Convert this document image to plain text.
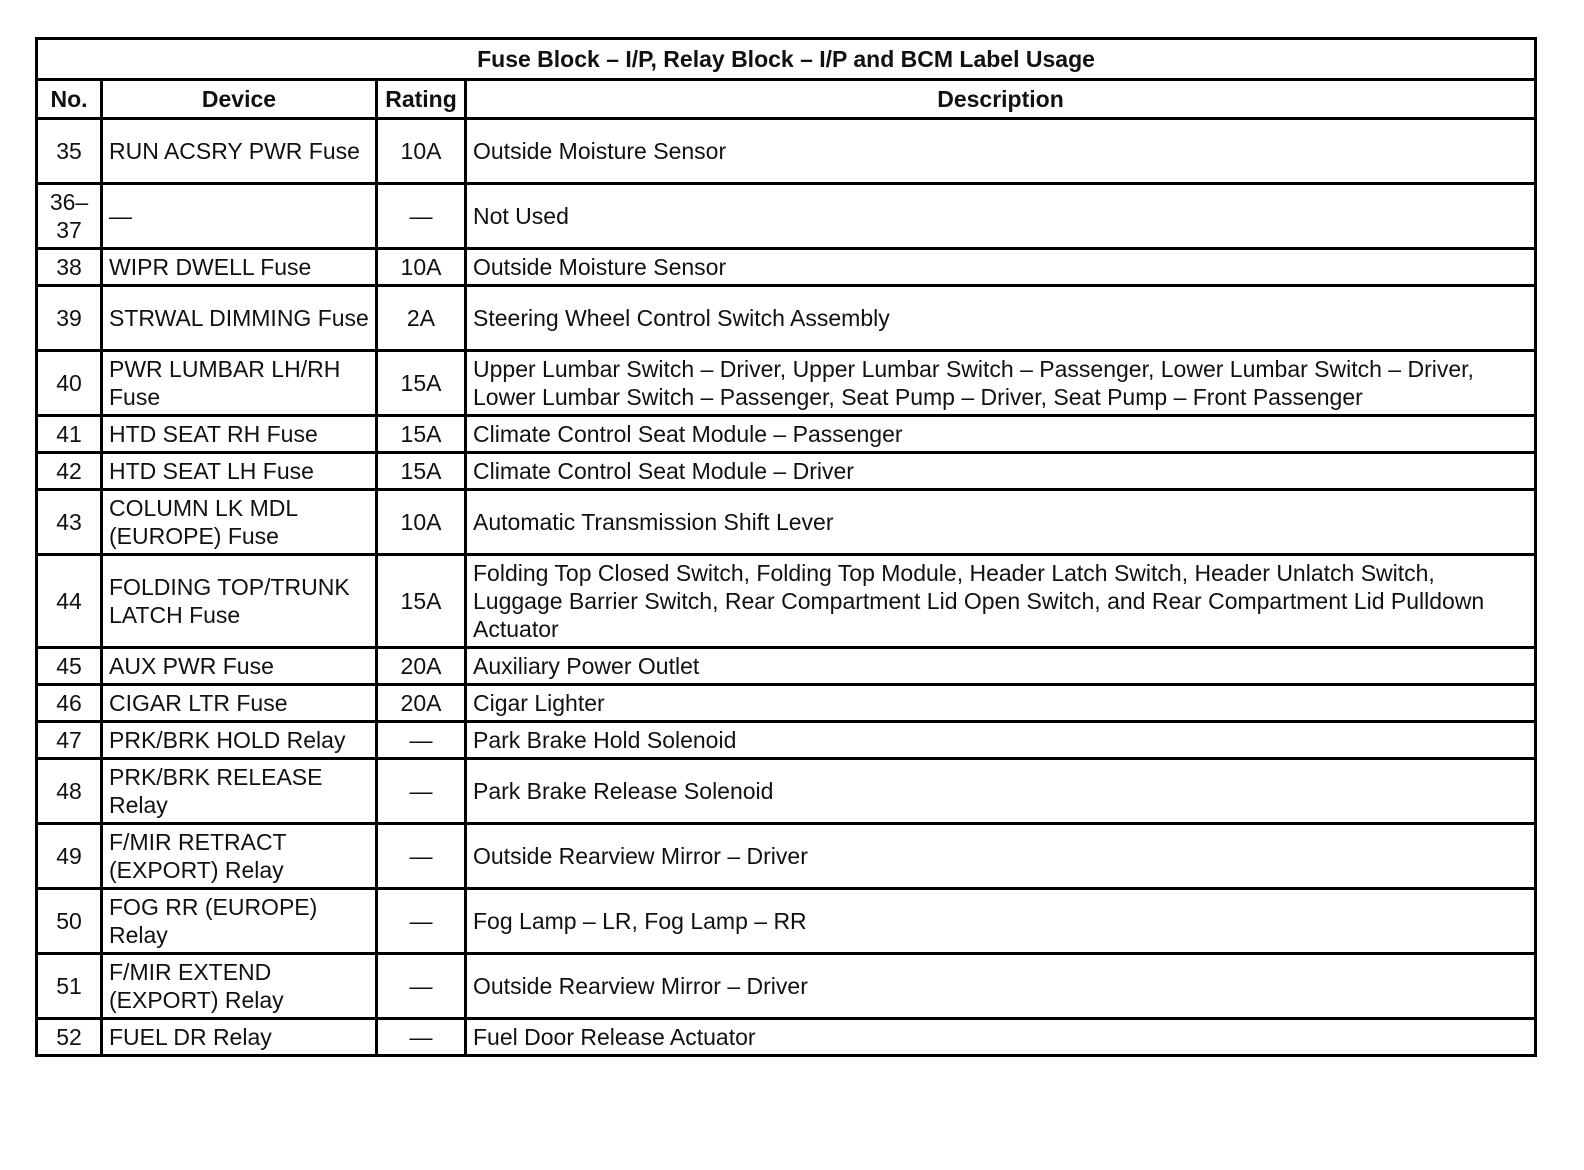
Fuse Block – I/P, Relay Block – I/P and BCM Label Usage			
No.	Device	Rating	Description
35	RUN ACSRY PWR Fuse	10A	Outside Moisture Sensor
36–37	—	—	Not Used
38	WIPR DWELL Fuse	10A	Outside Moisture Sensor
39	STRWAL DIMMING Fuse	2A	Steering Wheel Control Switch Assembly
40	PWR LUMBAR LH/RH Fuse	15A	Upper Lumbar Switch – Driver, Upper Lumbar Switch – Passenger, Lower Lumbar Switch – Driver, Lower Lumbar Switch – Passenger, Seat Pump – Driver, Seat Pump – Front Passenger
41	HTD SEAT RH Fuse	15A	Climate Control Seat Module – Passenger
42	HTD SEAT LH Fuse	15A	Climate Control Seat Module – Driver
43	COLUMN LK MDL (EUROPE) Fuse	10A	Automatic Transmission Shift Lever
44	FOLDING TOP/TRUNK LATCH Fuse	15A	Folding Top Closed Switch, Folding Top Module, Header Latch Switch, Header Unlatch Switch, Luggage Barrier Switch, Rear Compartment Lid Open Switch, and Rear Compartment Lid Pulldown Actuator
45	AUX PWR Fuse	20A	Auxiliary Power Outlet
46	CIGAR LTR Fuse	20A	Cigar Lighter
47	PRK/BRK HOLD Relay	—	Park Brake Hold Solenoid
48	PRK/BRK RELEASE Relay	—	Park Brake Release Solenoid
49	F/MIR RETRACT (EXPORT) Relay	—	Outside Rearview Mirror – Driver
50	FOG RR (EUROPE) Relay	—	Fog Lamp – LR, Fog Lamp – RR
51	F/MIR EXTEND (EXPORT) Relay	—	Outside Rearview Mirror – Driver
52	FUEL DR Relay	—	Fuel Door Release Actuator
